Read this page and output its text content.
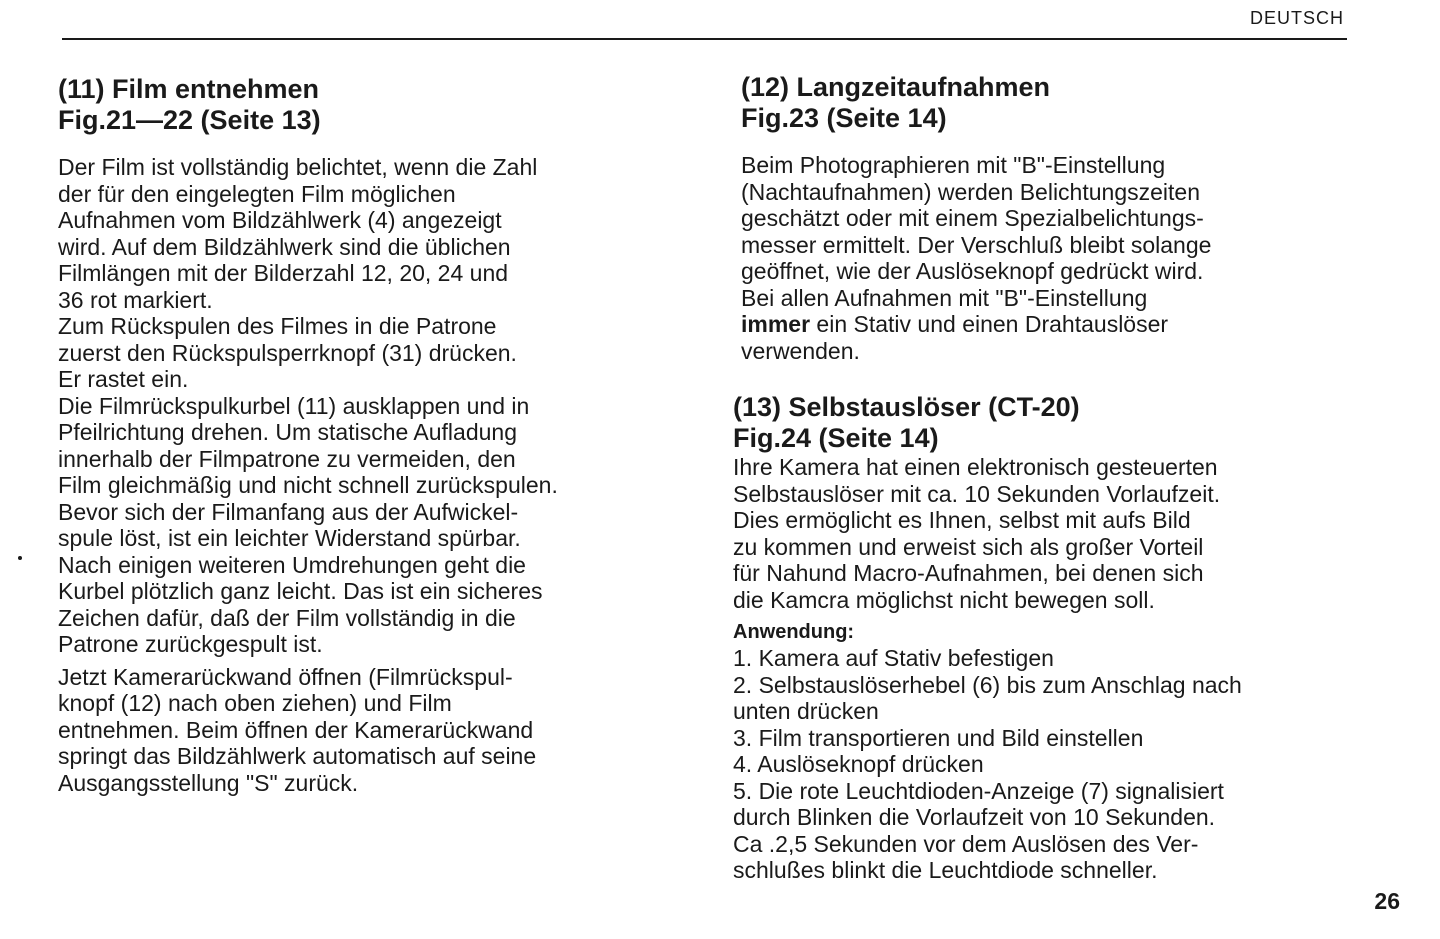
DEUTSCH
(11) Film entnehmen
Fig.21—22 (Seite 13)

Der Film ist vollständig belichtet, wenn die Zahl

der für den eingelegten Film möglichen

Aufnahmen vom Bildzählwerk (4) angezeigt

wird. Auf dem Bildzählwerk sind die üblichen

Filmlängen mit der Bilderzahl 12, 20, 24 und

36 rot markiert.

Zum Rückspulen des Filmes in die Patrone

zuerst den Rückspulsperrknopf (31) drücken.

Er rastet ein.

Die Filmrückspulkurbel (11) ausklappen und in

Pfeilrichtung drehen. Um statische Aufladung

innerhalb der Filmpatrone zu vermeiden, den

Film gleichmäßig und nicht schnell zurückspulen.

Bevor sich der Filmanfang aus der Aufwickel-

spule löst, ist ein leichter Widerstand spürbar.

Nach einigen weiteren Umdrehungen geht die

Kurbel plötzlich ganz leicht. Das ist ein sicheres

Zeichen dafür, daß der Film vollständig in die

Patrone zurückgespult ist.

Jetzt Kamerarückwand öffnen (Filmrückspul-

knopf (12) nach oben ziehen) und Film

entnehmen. Beim öffnen der Kamerarückwand

springt das Bildzählwerk automatisch auf seine

Ausgangsstellung "S" zurück.

(12) Langzeitaufnahmen
Fig.23 (Seite 14)

Beim Photographieren mit "B"-Einstellung

(Nachtaufnahmen) werden Belichtungszeiten

geschätzt oder mit einem Spezialbelichtungs-

messer ermittelt. Der Verschluß bleibt solange

geöffnet, wie der Auslöseknopf gedrückt wird.

Bei allen Aufnahmen mit "B"-Einstellung

immer ein Stativ und einen Drahtauslöser

verwenden.

(13) Selbstauslöser (CT-20)
Fig.24 (Seite 14)

Ihre Kamera hat einen elektronisch gesteuerten

Selbstauslöser mit ca. 10 Sekunden Vorlaufzeit.

Dies ermöglicht es Ihnen, selbst mit aufs Bild

zu kommen und erweist sich als großer Vorteil

für Nahund Macro-Aufnahmen, bei denen sich

die Kamcra möglichst nicht bewegen soll.

Anwendung:
1. Kamera auf Stativ befestigen
2. Selbstauslöserhebel (6) bis zum Anschlag nach
unten drücken
3. Film transportieren und Bild einstellen
4. Auslöseknopf drücken
5. Die rote Leuchtdioden-Anzeige (7) signalisiert
durch Blinken die Vorlaufzeit von 10 Sekunden.
Ca .2,5 Sekunden vor dem Auslösen des Ver-
schlußes blinkt die Leuchtdiode schneller.
26
